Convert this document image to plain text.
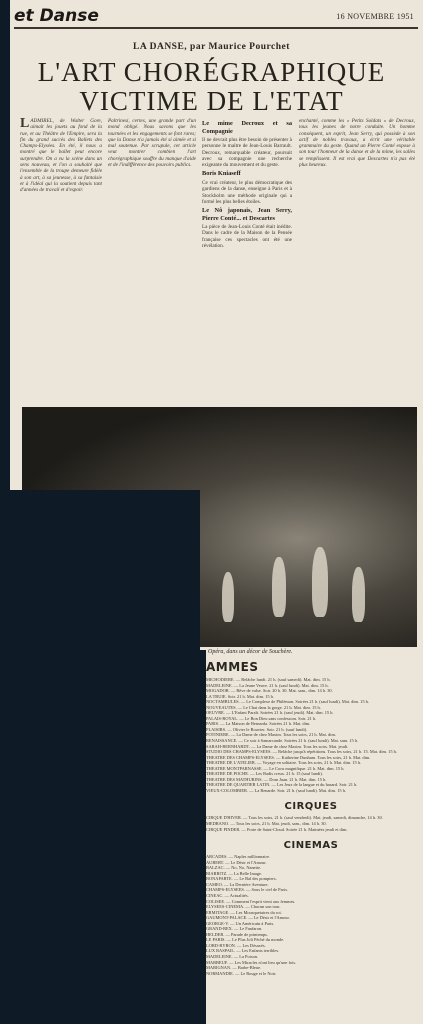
et Danse	16 NOVEMBRE 1951
LA DANSE, par Maurice Pourchet
L'ART CHORÉGRAPHIQUE
VICTIME DE L'ETAT
LADMIREL, de Walter Gore, aimait les jouets au fond de la rue, et au Théâtre de l'Empire, sera la fin du grand succès des Ballets des Champs-Elysées. En été, il nous a montré que le ballet peut encore surprendre. On a vu la scène dans un sens nouveau, et l'on a souhaité que l'ensemble de la troupe demeure fidèle à son art, à sa jeunesse, à sa fantaisie et à l'idéal qui la soutient depuis tant d'années de travail et d'espoir.
Paltrinesi, certes, une grande part d'un mond obligé. Nous savons que les tournées et les engagements se font rares; que la Danse n'a jamais été si aimée et si mal soutenue. Par scrupule, cet article veut montrer combien l'art chorégraphique souffre du manque d'aide et de l'indifférence des pouvoirs publics.
Le mime Decroux et sa Compagnie
Il ne devrait plus être besoin de présenter à personne le maître de Jean-Louis Barrault. Decroux, remarquable créateur, poursuit avec sa compagnie une recherche exigeante du mouvement et du geste.
Boris Kniaseff
Ce vrai créateur, le plus démocratique des gardiens de la danse, enseigne à Paris et à Stockholm une méthode originale qui a formé les plus belles étoiles.
Le Nô japonais, Jean Serry, Pierre Conté... et Descartes
La pièce de Jean-Louis Conté était inédite. Dans le cadre de la Maison de la Pensée française ces spectacles ont été une révélation.
enchanté, comme les « Petits Soldats » de Decroux, tous les jeunes de notre conduite. Un homme conséquent, un esprit, Jean Serry, qui possède à son actif de nobles travaux, a écrit une véritable grammaire du geste. Quand un Pierre Conté expose à son tour l'honneur de la danse et de la mime, les salles se remplissent. Il est vrai que Descartes n'a pas été plus heureux.
Opéra, dans un décor de Souchère.
AMMES
MICHODIERE. — Relâche lundi. 21 h. (sauf samedi). Mat. dim. 15 h.
MADELEINE. — La Jeune Veuve. 21 h. (sauf lundi). Mat. dim. 15 h.
MOGADOR. — Rêve de valse. Soir. 20 h. 30. Mat. sam., dim. 14 h. 30.
LA TRUIE. Soir. 21 h. Mat. dim. 15 h.
NOCTAMBULES. — Le Complexe de Philémon. Soirées 21 h. (sauf lundi). Mat. dim. 15 h.
NOUVEAUTES. — Le Chat dans la gorge. 21 h. Mat. dim. 15 h.
OEUVRE. — L'Enfant Paraît. Soirées 21 h. (sauf jeudi). Mat. dim. 15 h.
PALAIS-ROYAL. — Le Bon Dieu sans confession. Soir. 21 h.
PARIS. — La Maison de Bernarda. Soirées 21 h. Mat. dim.
PLAISIRS. — Olivier le Bouvier. Soir. 21 h. (sauf lundi).
POTINIERE. — La Dame de chez Maxim. Tous les soirs, 21 h. Mat. dim.
RENAISSANCE. — Ce soir à Samarcande. Soirées 21 h. (sauf lundi). Mat. sam. 15 h.
SARAH-BERNHARDT. — La Dame de chez Maxim. Tous les soirs. Mat. jeudi.
STUDIO DES CHAMPS-ELYSEES. — Relâche jusqu'à répétitions. Tous les soirs, 21 h. 15. Mat. dim. 15 h.
THEATRE DES CHAMPS-ELYSEES. — Katherine Dunham. Tous les soirs, 21 h. Mat. dim.
THEATRE DE L'ATELIER. — Voyage en solitaire. Tous les soirs, 21 h. Mat. dim. 15 h.
THEATRE MONTPARNASSE. — Le Cocu magnifique. 21 h. Mat. dim. 15 h.
THEATRE DE POCHE. — Les Radis creux. 21 h. 15 (sauf lundi).
THEATRE DES MATHURINS. — Dom Juan. 21 h. Mat. dim. 15 h.
THEATRE DE QUARTIER LATIN. — Les Jeux de la langue et du hasard. Soir. 21 h.
VIEUX-COLOMBIER. — La Renarde. Soir. 21 h. (sauf lundi). Mat. dim. 15 h.
CIRQUES
CIRQUE D'HIVER. — Tous les soirs, 21 h. (sauf vendredi). Mat. jeudi, samedi, dimanche, 14 h. 30.
MEDRANO. — Tous les soirs, 21 h. Mat. jeudi, sam., dim. 14 h. 30.
CIRQUE PINDER. — Porte de Saint-Cloud. Soirée 21 h. Matinées jeudi et dim.
CINEMAS
ARCADES. — Naples millionnaire.
AUBERT. — Le Désir et l'Amour.
BALZAC. — No, No, Nanette.
BIARRITZ. — La Belle Image.
BONAPARTE. — Le Bal des pompiers.
CAMEO. — La Dernière Aventure.
CHAMPS-ELYSEES. — Sous le ciel de Paris.
CINEAC. — Actualités.
COLISEE. — Comment l'esprit vient aux femmes.
ELYSEES-CINEMA. — Chacun son tour.
ERMITAGE. — Les Mousquetaires du roi.
GAUMONT-PALACE. — Le Désir et l'Amour.
GEORGE-V. — Un Américain à Paris.
GRAND-REX. — Le Fanfaron.
HELDER. — Parade de printemps.
LE PARIS. — Le Plus Joli Péché du monde.
LORD-BYRON. — Les Désaxés.
LUX RASPAIL. — Les Enfants terribles.
MADELEINE. — La Poison.
MARBEUF. — Les Miracles n'ont lieu qu'une fois.
MARIGNAN. — Barbe-Bleue.
NORMANDIE. — Le Rouge et le Noir.
